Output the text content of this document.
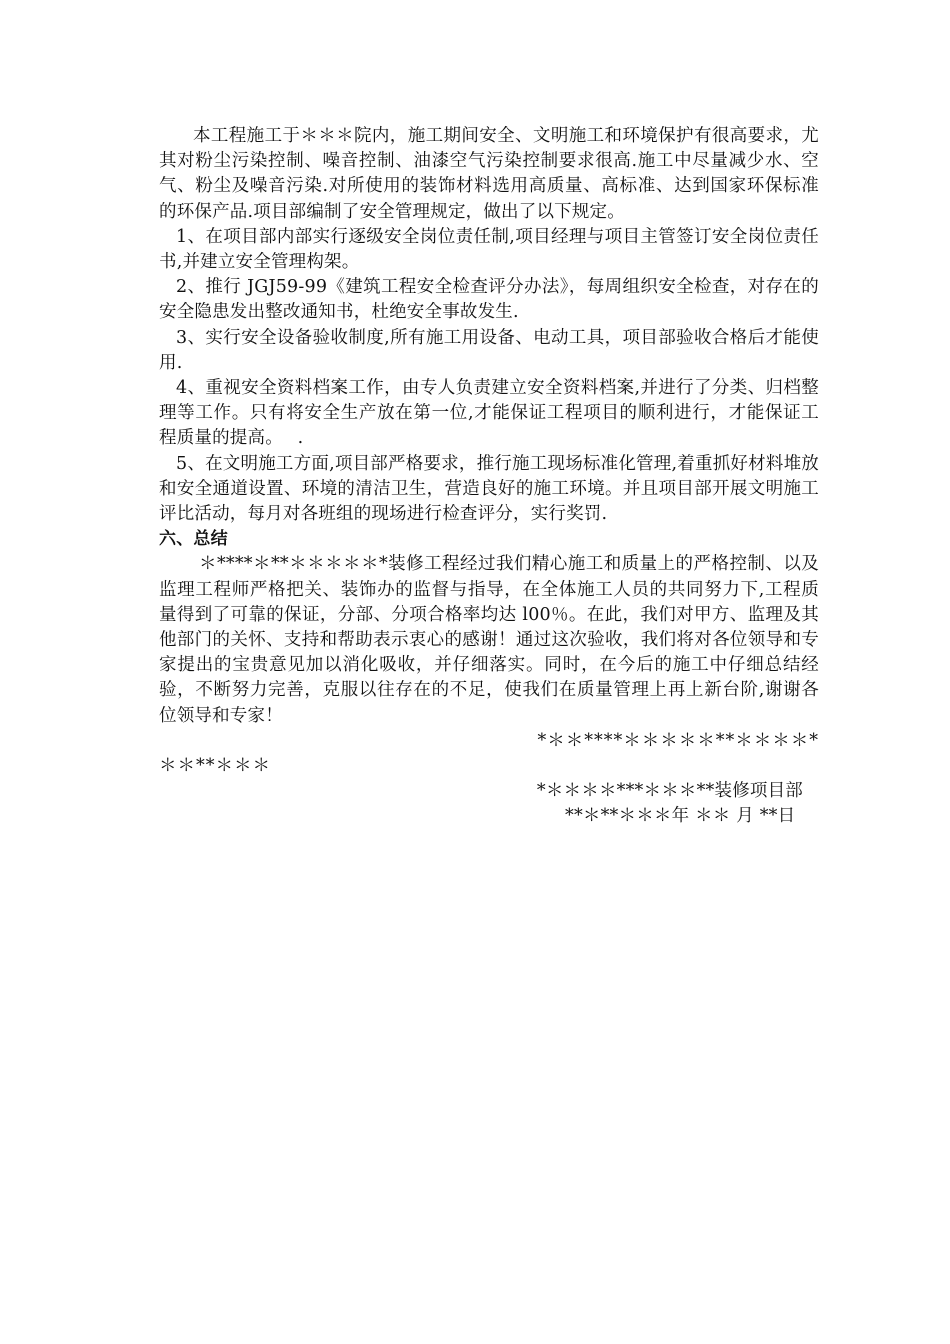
本工程施工于＊＊＊院内，施工期间安全、文明施工和环境保护有很高要求，尤其对粉尘污染控制、噪音控制、油漆空气污染控制要求很高.施工中尽量减少水、空气、粉尘及噪音污染.对所使用的装饰材料选用高质量、高标准、达到国家环保标准的环保产品.项目部编制了安全管理规定，做出了以下规定。

1、在项目部内部实行逐级安全岗位责任制,项目经理与项目主管签订安全岗位责任书,并建立安全管理构架。

2、推行 JGJ59-99《建筑工程安全检查评分办法》，每周组织安全检查，对存在的安全隐患发出整改通知书，杜绝安全事故发生.

3、实行安全设备验收制度,所有施工用设备、电动工具，项目部验收合格后才能使用.

4、重视安全资料档案工作，由专人负责建立安全资料档案,并进行了分类、归档整理等工作。只有将安全生产放在第一位,才能保证工程项目的顺利进行，才能保证工程质量的提高。　 .

5、在文明施工方面,项目部严格要求，推行施工现场标准化管理,着重抓好材料堆放和安全通道设置、环境的清洁卫生，营造良好的施工环境。并且项目部开展文明施工评比活动，每月对各班组的现场进行检查评分，实行奖罚.

六、总结

＊****＊**＊＊＊＊＊*装修工程经过我们精心施工和质量上的严格控制、以及监理工程师严格把关、装饰办的监督与指导，在全体施工人员的共同努力下,工程质量得到了可靠的保证，分部、分项合格率均达 l00％。在此，我们对甲方、监理及其他部门的关怀、支持和帮助表示衷心的感谢！通过这次验收，我们将对各位领导和专家提出的宝贵意见加以消化吸收，并仔细落实。同时，在今后的施工中仔细总结经验，不断努力完善，克服以往存在的不足，使我们在质量管理上再上新台阶,谢谢各位领导和专家！

*＊＊****＊＊＊＊＊**＊＊＊＊*

＊＊**＊＊＊

*＊＊＊＊***＊＊＊**装修项目部
**＊**＊＊＊年 ＊＊ 月 **日
